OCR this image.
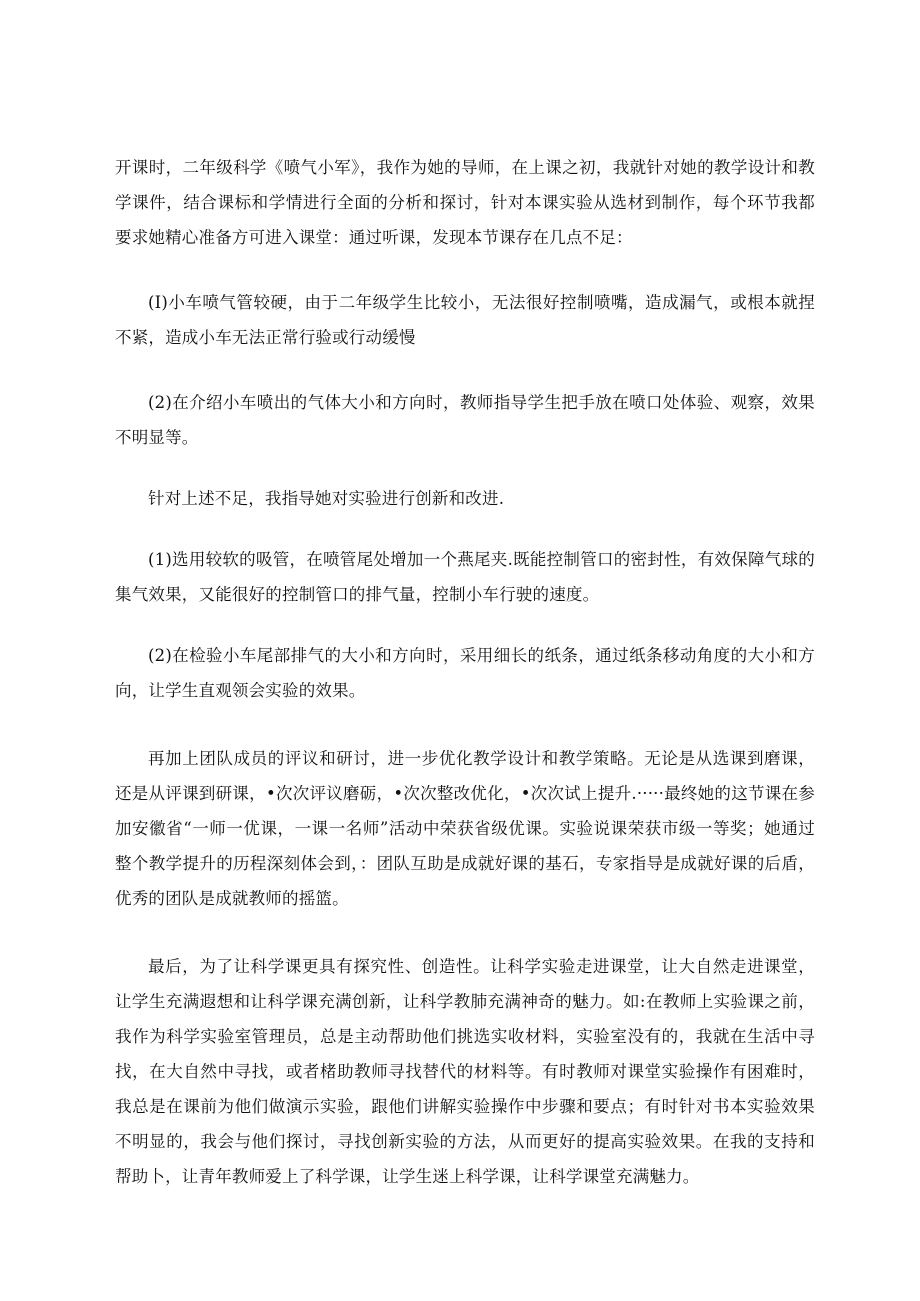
开课时，二年级科学《喷气小军》，我作为她的导师，在上课之初，我就针对她的教学设计和教学课件，结合课标和学情进行全面的分析和探讨，针对本课实验从选材到制作，每个环节我都要求她精心准备方可进入课堂：通过听课，发现本节课存在几点不足：

(I)小车喷气管较硬，由于二年级学生比较小，无法很好控制喷嘴，造成漏气，或根本就捏不紧，造成小车无法正常行验或行动缓慢

(2)在介绍小车喷出的气体大小和方向时，教师指导学生把手放在喷口处体验、观察，效果不明显等。

针对上述不足，我指导她对实验进行创新和改进.

(1)选用较软的吸管，在喷管尾处增加一个燕尾夹.既能控制管口的密封性，有效保障气球的集气效果，又能很好的控制管口的排气量，控制小车行驶的速度。

(2)在检验小车尾部排气的大小和方向时，采用细长的纸条，通过纸条移动角度的大小和方向，让学生直观领会实验的效果。

再加上团队成员的评议和研讨，进一步优化教学设计和教学策略。无论是从选课到磨课，还是从评课到研课，•次次评议磨砺，•次次整改优化，•次次试上提升.·····最终她的这节课在参加安徽省“一师一优课，一课一名师”活动中荣获省级优课。实验说课荣获市级一等奖；她通过整个教学提升的历程深刻体会到，：团队互助是成就好课的基石，专家指导是成就好课的后盾，优秀的团队是成就教师的摇篮。

最后，为了让科学课更具有探究性、创造性。让科学实验走进课堂，让大自然走进课堂，让学生充满遐想和让科学课充满创新，让科学教肺充满神奇的魅力。如:在教师上实验课之前，我作为科学实验室管理员，总是主动帮助他们挑选实收材料，实验室没有的，我就在生活中寻找，在大自然中寻找，或者楮助教师寻找替代的材料等。有时教师对课堂实验操作有困难时，我总是在课前为他们做演示实验，跟他们讲解实验操作中步骤和要点；有时针对书本实验效果不明显的，我会与他们探讨，寻找创新实验的方法，从而更好的提高实验效果。在我的支持和帮助卜，让青年教师爱上了科学课，让学生迷上科学课，让科学课堂充满魅力。
